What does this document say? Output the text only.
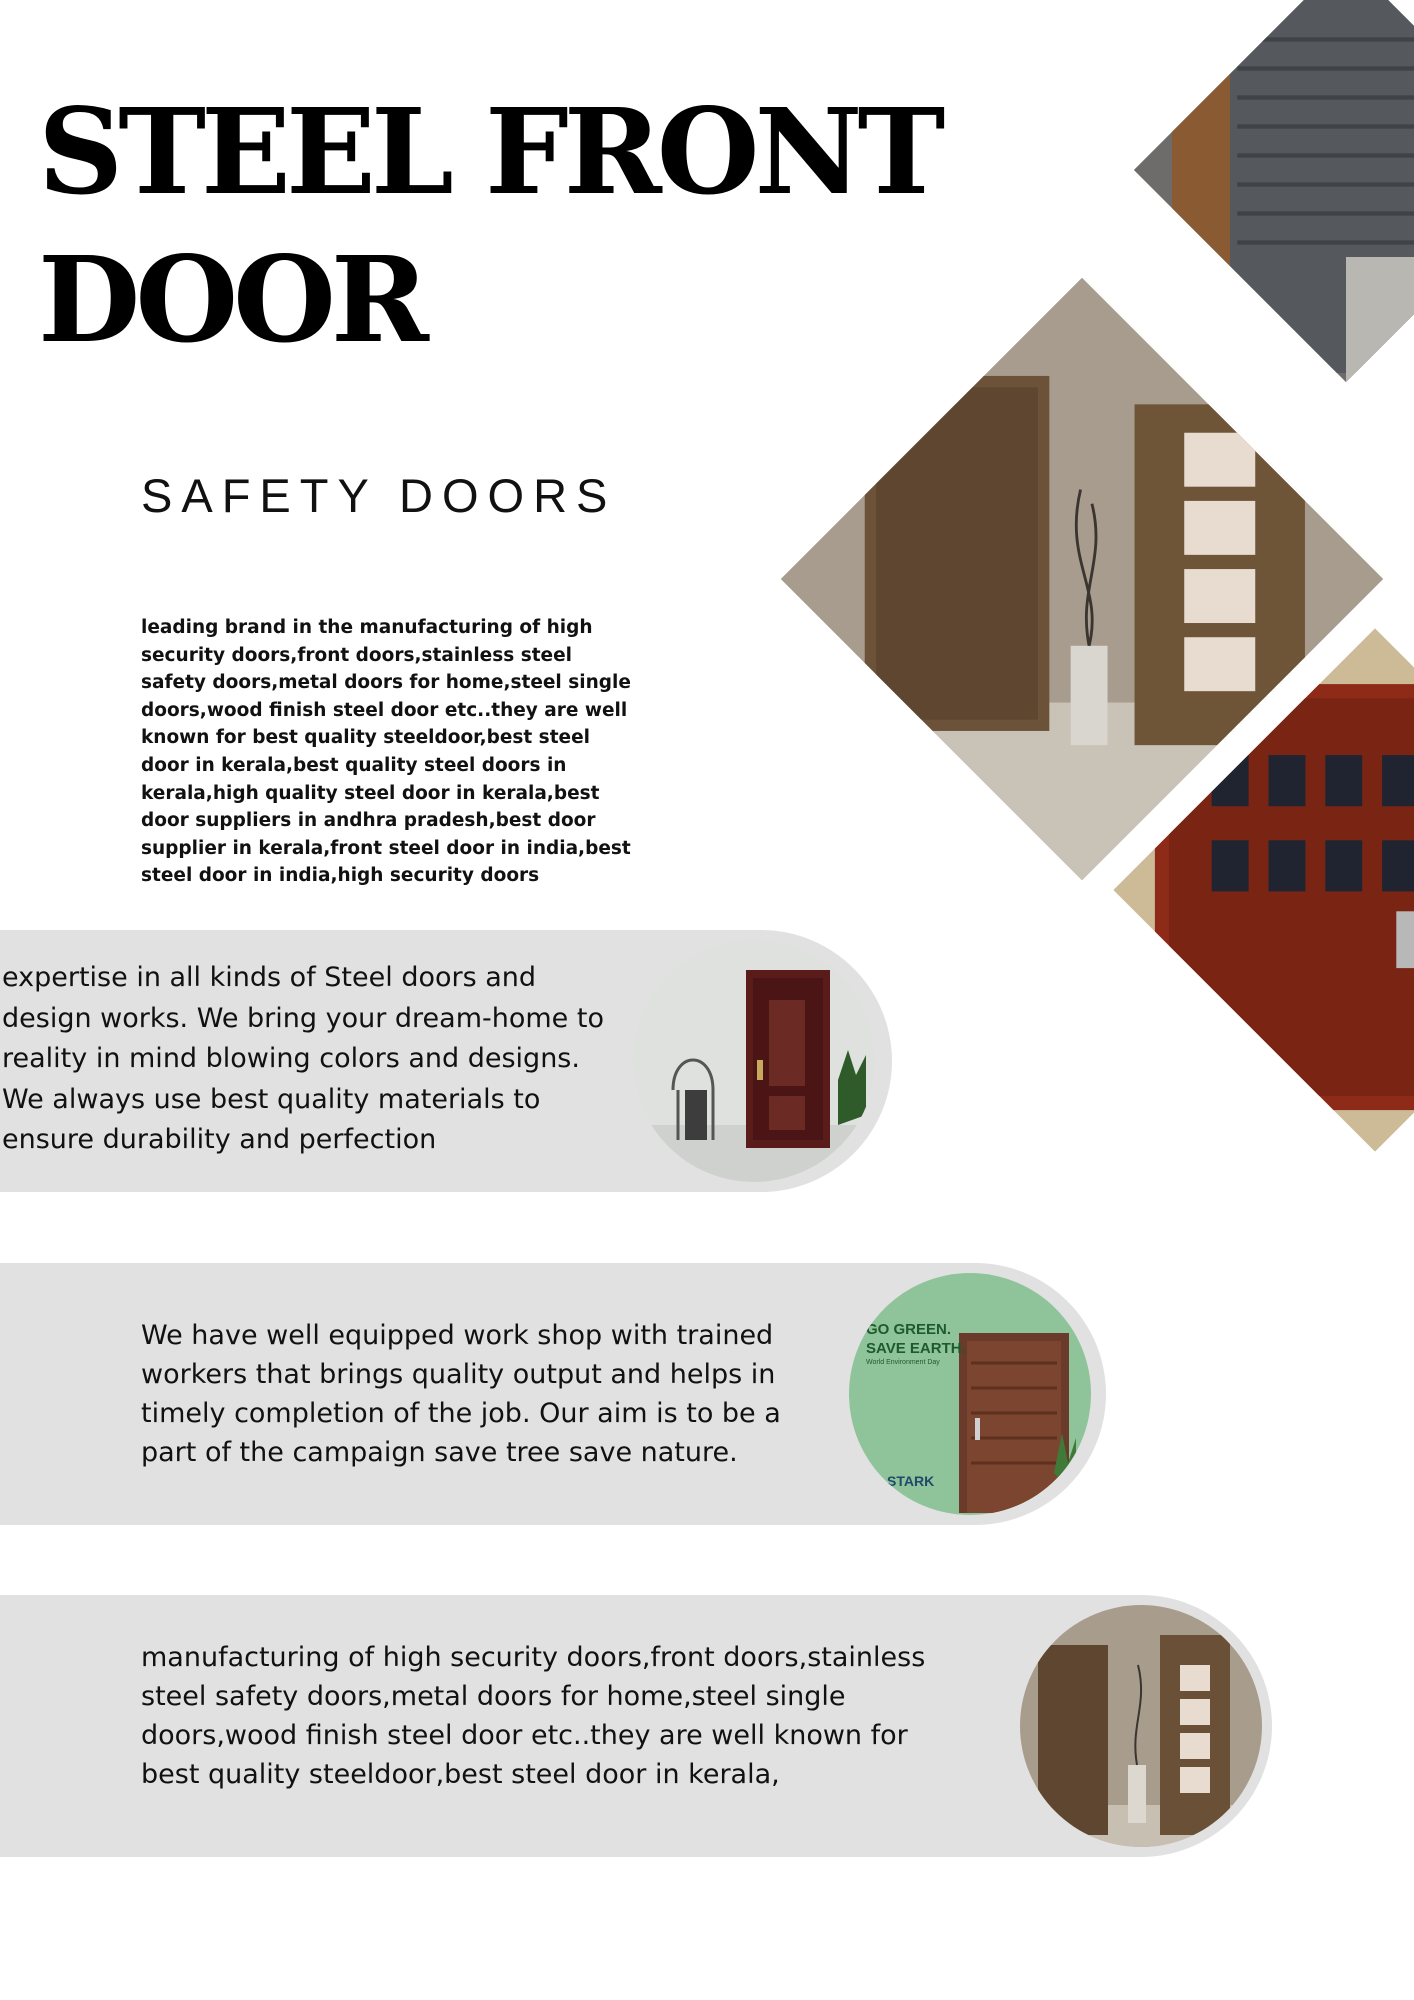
STEEL FRONT
DOOR
SAFETY DOORS
leading brand in the manufacturing of high security doors,front doors,stainless steel safety doors,metal doors for home,steel single doors,wood finish steel door etc..they are well known for best quality steeldoor,best steel door in kerala,best quality steel doors in kerala,high quality steel door in kerala,best door suppliers in andhra pradesh,best door supplier in kerala,front steel door in india,best steel door in india,high security doors
expertise in all kinds of Steel doors and design works. We bring your dream-home to reality in mind blowing colors and designs. We always use best quality materials to ensure durability and perfection
We have well equipped work shop with trained workers that brings quality output and helps in timely completion of the job. Our aim is to be a part of the campaign save tree save nature.
GO GREEN.
SAVE EARTH.
World Environment Day
STARK
manufacturing of high security doors,front doors,stainless steel safety doors,metal doors for home,steel single doors,wood finish steel door etc..they are well known for best quality steeldoor,best steel door in kerala,
